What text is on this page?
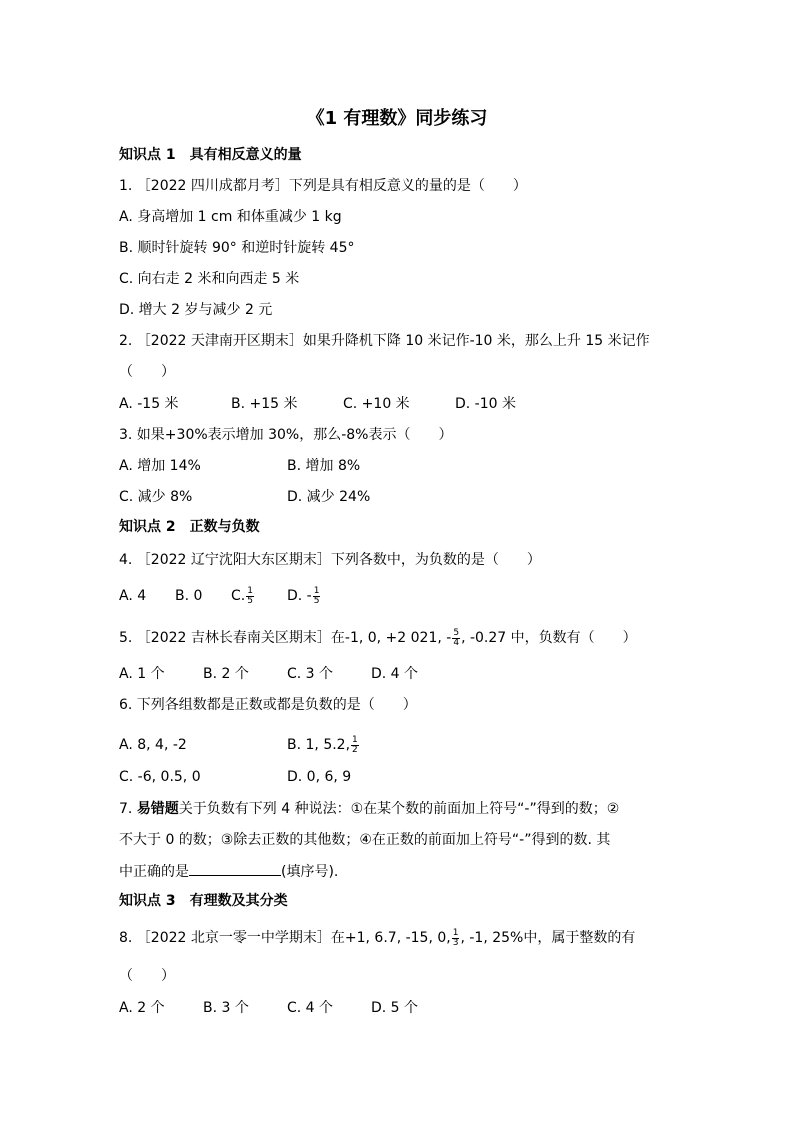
《1 有理数》同步练习
知识点 1　具有相反意义的量
1. ［2022 四川成都月考］下列是具有相反意义的量的是（　　）
A. 身高增加 1 cm 和体重减少 1 kg
B. 顺时针旋转 90° 和逆时针旋转 45°
C. 向右走 2 米和向西走 5 米
D. 增大 2 岁与减少 2 元
2. ［2022 天津南开区期末］如果升降机下降 10 米记作-10 米，那么上升 15 米记作
（　　）
A. -15 米	B. +15 米	C. +10 米	D. -10 米
3. 如果+30%表示增加 30%，那么-8%表示（　　）
A. 增加 14%	B. 增加 8%
C. 减少 8%	D. 减少 24%
知识点 2　正数与负数
4. ［2022 辽宁沈阳大东区期末］下列各数中，为负数的是（　　）
A. 4 B. 0 C. $\frac{1}{5} D$. - $\frac{1}{5}$
5. ［2022 吉林长春南关区期末］在-1, 0, +2 021, - $\frac{5}{4}$ , -0.27 中，负数有（　　）
A. 1 个	B. 2 个	C. 3 个	D. 4 个
6. 下列各组数都是正数或都是负数的是（　　）
A. 8, 4, -2	B. 1, 5.2, $\frac{1}{2}$
C. -6, 0.5, 0	D. 0, 6, 9
7. 易错题关于负数有下列 4 种说法：①在某个数的前面加上符号“-”得到的数；②
不大于 0 的数；③除去正数的其他数；④在正数的前面加上符号“-”得到的数. 其
中正确的是	(填序号).
知识点 3　有理数及其分类
8. ［2022 北京一零一中学期末］在+1, 6.7, -15, 0, $\frac{1}{3}$ , -1, 25%中，属于整数的有
（　　）
A. 2 个	B. 3 个	C. 4 个	D. 5 个
